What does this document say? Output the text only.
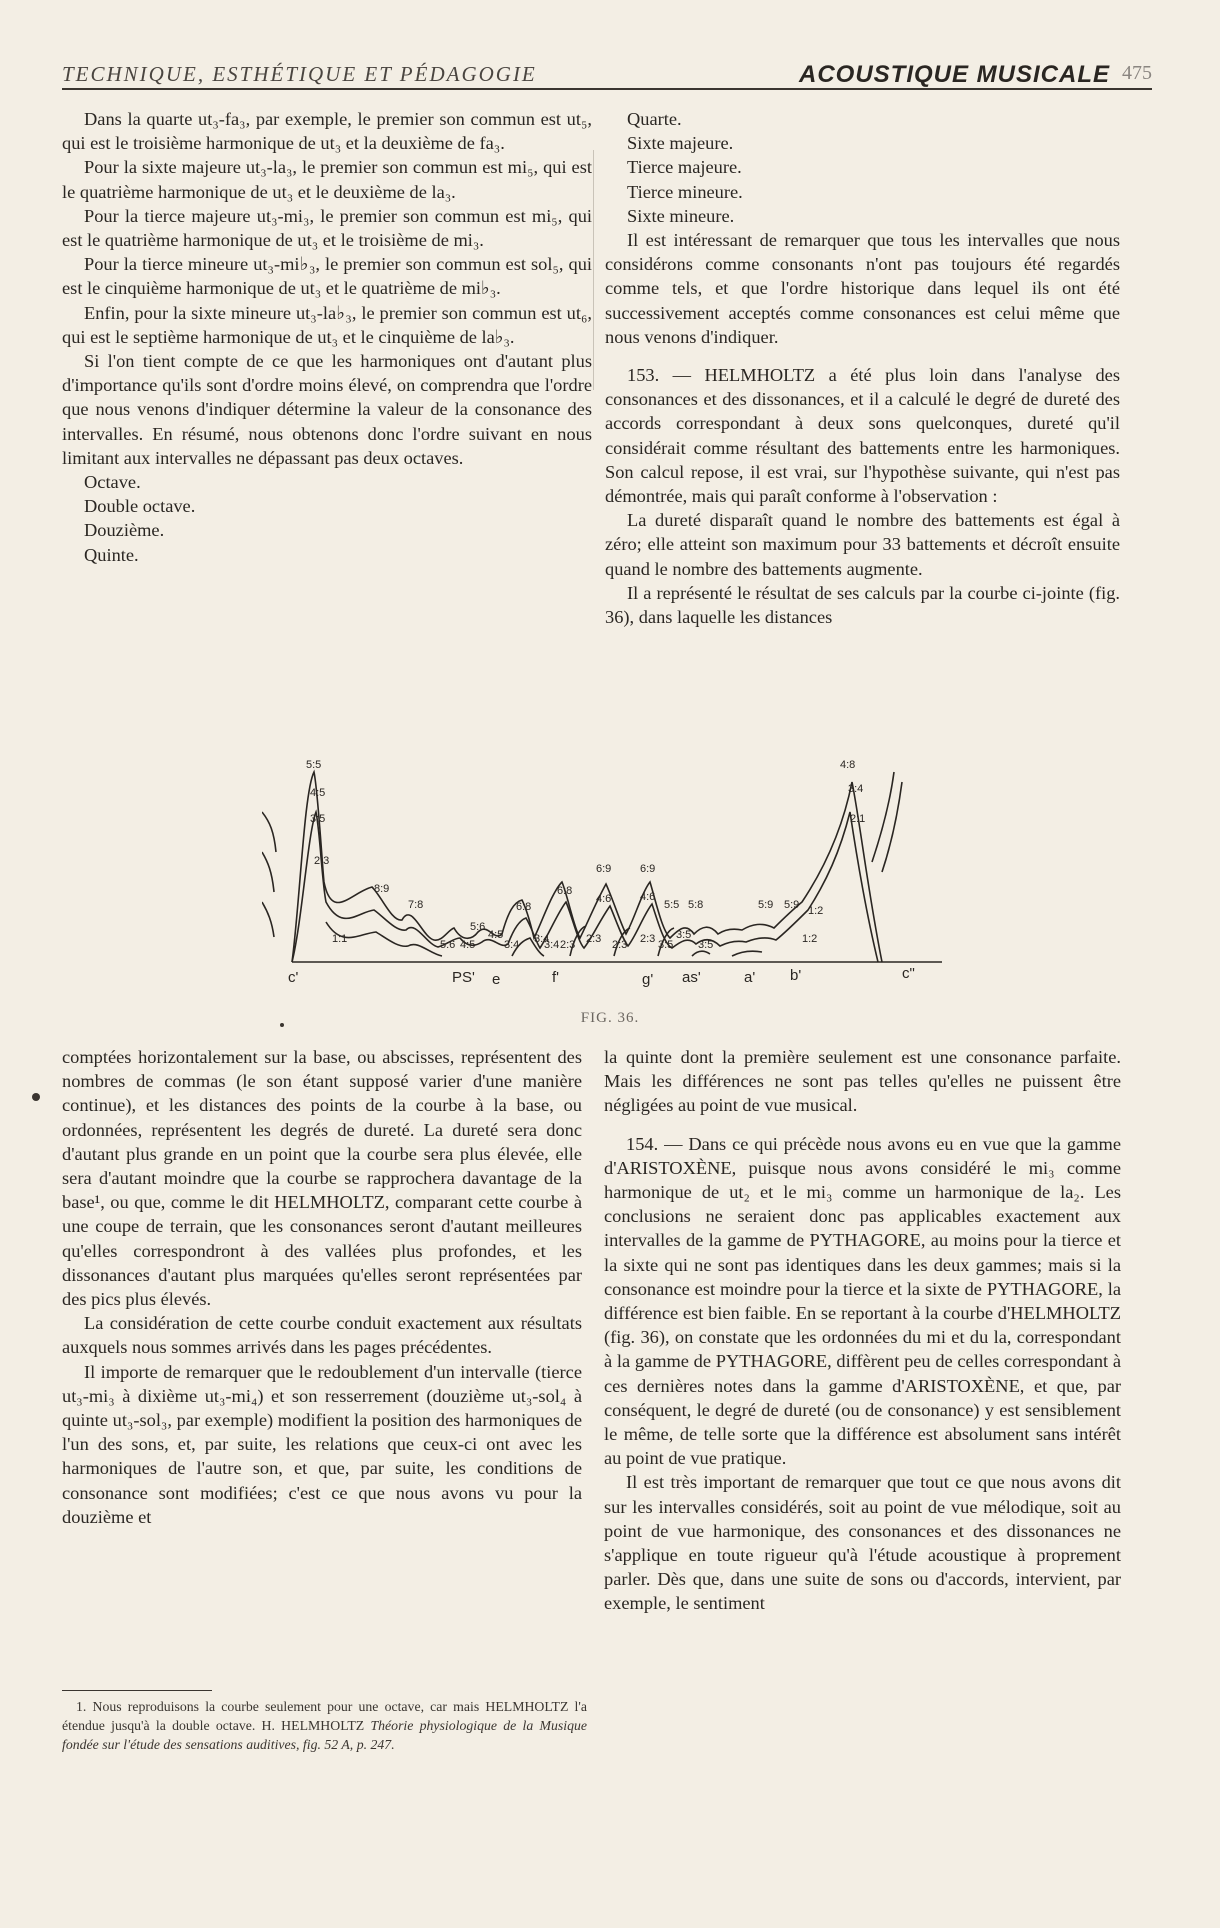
TECHNIQUE, ESTHÉTIQUE ET PÉDAGOGIE	ACOUSTIQUE MUSICALE 475

Dans la quarte ut₃-fa₃, par exemple, le premier son commun est ut₅, qui est le troisième harmonique de ut₃ et la deuxième de fa₃.

Pour la sixte majeure ut₃-la₃, le premier son commun est mi₅, qui est le quatrième harmonique de ut₃ et le deuxième de la₃.

Pour la tierce majeure ut₃-mi₃, le premier son commun est mi₅, qui est le quatrième harmonique de ut₃ et le troisième de mi₃.

Pour la tierce mineure ut₃-mi♭₃, le premier son commun est sol₅, qui est le cinquième harmonique de ut₃ et le quatrième de mi♭₃.

Enfin, pour la sixte mineure ut₃-la♭₃, le premier son commun est ut₆, qui est le septième harmonique de ut₃ et le cinquième de la♭₃.

Si l'on tient compte de ce que les harmoniques ont d'autant plus d'importance qu'ils sont d'ordre moins élevé, on comprendra que l'ordre que nous venons d'indiquer détermine la valeur de la consonance des intervalles. En résumé, nous obtenons donc l'ordre suivant en nous limitant aux intervalles ne dépassant pas deux octaves.

Octave.

Double octave.

Douzième.

Quinte.

Quarte.

Sixte majeure.

Tierce majeure.

Tierce mineure.

Sixte mineure.

Il est intéressant de remarquer que tous les intervalles que nous considérons comme consonants n'ont pas toujours été regardés comme tels, et que l'ordre historique dans lequel ils ont été successivement acceptés comme consonances est celui même que nous venons d'indiquer.

153. — HELMHOLTZ a été plus loin dans l'analyse des consonances et des dissonances, et il a calculé le degré de dureté des accords correspondant à deux sons quelconques, dureté qu'il considérait comme résultant des battements entre les harmoniques. Son calcul repose, il est vrai, sur l'hypothèse suivante, qui n'est pas démontrée, mais qui paraît conforme à l'observation :

La dureté disparaît quand le nombre des battements est égal à zéro; elle atteint son maximum pour 33 battements et décroît ensuite quand le nombre des battements augmente.

Il a représenté le résultat de ses calculs par la courbe ci-jointe (fig. 36), dans laquelle les distances

5:5
4:5
3:5
2:3
8:9
7:8
5:6
4:5
6:8
3:4
6:8
4:6
2:3
6:9	6:9
4:6
2:3
5:5 5:8
3:5
5:9 5:9 1:2
4:8
3:4
2:1
1:1	5:6 4:5	3:4 3:4 2:3	2:3	3:5 3:5	1:2
c'	PS' e	f'	g' as'	a' b'	c"
FIG. 36.

comptées horizontalement sur la base, ou abscisses, représentent des nombres de commas (le son étant supposé varier d'une manière continue), et les distances des points de la courbe à la base, ou ordonnées, représentent les degrés de dureté. La dureté sera donc d'autant plus grande en un point que la courbe sera plus élevée, elle sera d'autant moindre que la courbe se rapprochera davantage de la base¹, ou que, comme le dit HELMHOLTZ, comparant cette courbe à une coupe de terrain, que les consonances seront d'autant meilleures qu'elles correspondront à des vallées plus profondes, et les dissonances d'autant plus marquées qu'elles seront représentées par des pics plus élevés.

La considération de cette courbe conduit exactement aux résultats auxquels nous sommes arrivés dans les pages précédentes.

Il importe de remarquer que le redoublement d'un intervalle (tierce ut₃-mi₃ à dixième ut₃-mi₄) et son resserrement (douzième ut₃-sol₄ à quinte ut₃-sol₃, par exemple) modifient la position des harmoniques de l'un des sons, et, par suite, les relations que ceux-ci ont avec les harmoniques de l'autre son, et que, par suite, les conditions de consonance sont modifiées; c'est ce que nous avons vu pour la douzième et

la quinte dont la première seulement est une consonance parfaite. Mais les différences ne sont pas telles qu'elles ne puissent être négligées au point de vue musical.

154. — Dans ce qui précède nous avons eu en vue que la gamme d'ARISTOXÈNE, puisque nous avons considéré le mi₃ comme harmonique de ut₂ et le mi₃ comme un harmonique de la₂. Les conclusions ne seraient donc pas applicables exactement aux intervalles de la gamme de PYTHAGORE, au moins pour la tierce et la sixte qui ne sont pas identiques dans les deux gammes; mais si la consonance est moindre pour la tierce et la sixte de PYTHAGORE, la différence est bien faible. En se reportant à la courbe d'HELMHOLTZ (fig. 36), on constate que les ordonnées du mi et du la, correspondant à la gamme de PYTHAGORE, diffèrent peu de celles correspondant à ces dernières notes dans la gamme d'ARISTOXÈNE, et que, par conséquent, le degré de dureté (ou de consonance) y est sensiblement le même, de telle sorte que la différence est absolument sans intérêt au point de vue pratique.

Il est très important de remarquer que tout ce que nous avons dit sur les intervalles considérés, soit au point de vue mélodique, soit au point de vue harmonique, des consonances et des dissonances ne s'applique en toute rigueur qu'à l'étude acoustique à proprement parler. Dès que, dans une suite de sons ou d'accords, intervient, par exemple, le sentiment

1. Nous reproduisons la courbe seulement pour une octave, car mais HELMHOLTZ l'a étendue jusqu'à la double octave. H. HELMHOLTZ Théorie physiologique de la Musique fondée sur l'étude des sensations auditives, fig. 52 A, p. 247.
